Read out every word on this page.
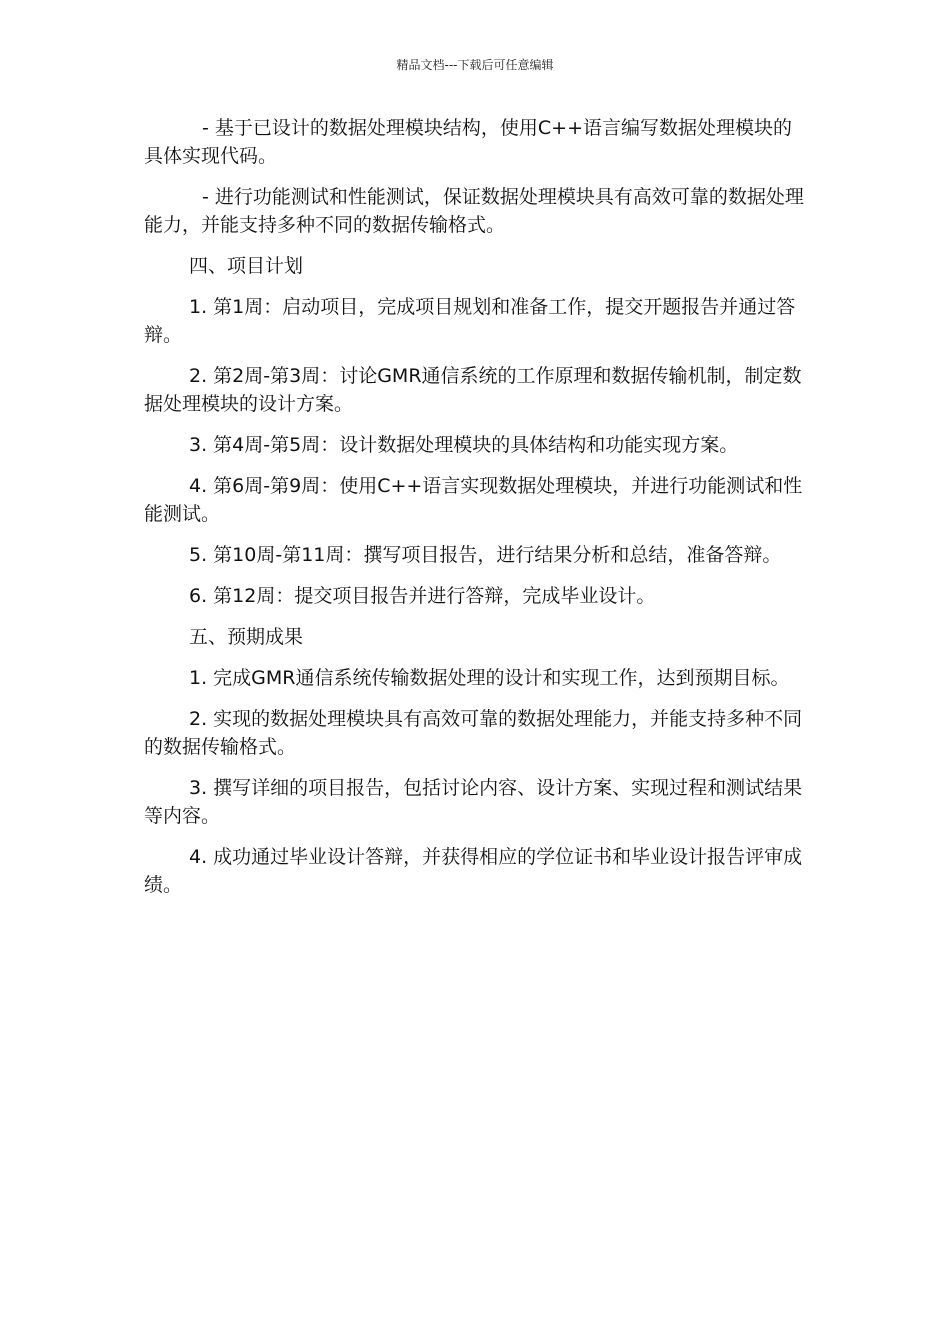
精品文档---下载后可任意编辑

- 基于已设计的数据处理模块结构，使用C++语言编写数据处理模块的具体实现代码。

- 进行功能测试和性能测试，保证数据处理模块具有高效可靠的数据处理能力，并能支持多种不同的数据传输格式。

四、项目计划

1. 第1周：启动项目，完成项目规划和准备工作，提交开题报告并通过答辩。

2. 第2周-第3周：讨论GMR通信系统的工作原理和数据传输机制，制定数据处理模块的设计方案。

3. 第4周-第5周：设计数据处理模块的具体结构和功能实现方案。

4. 第6周-第9周：使用C++语言实现数据处理模块，并进行功能测试和性能测试。

5. 第10周-第11周：撰写项目报告，进行结果分析和总结，准备答辩。

6. 第12周：提交项目报告并进行答辩，完成毕业设计。

五、预期成果

1. 完成GMR通信系统传输数据处理的设计和实现工作，达到预期目标。

2. 实现的数据处理模块具有高效可靠的数据处理能力，并能支持多种不同的数据传输格式。

3. 撰写详细的项目报告，包括讨论内容、设计方案、实现过程和测试结果等内容。

4. 成功通过毕业设计答辩，并获得相应的学位证书和毕业设计报告评审成绩。
